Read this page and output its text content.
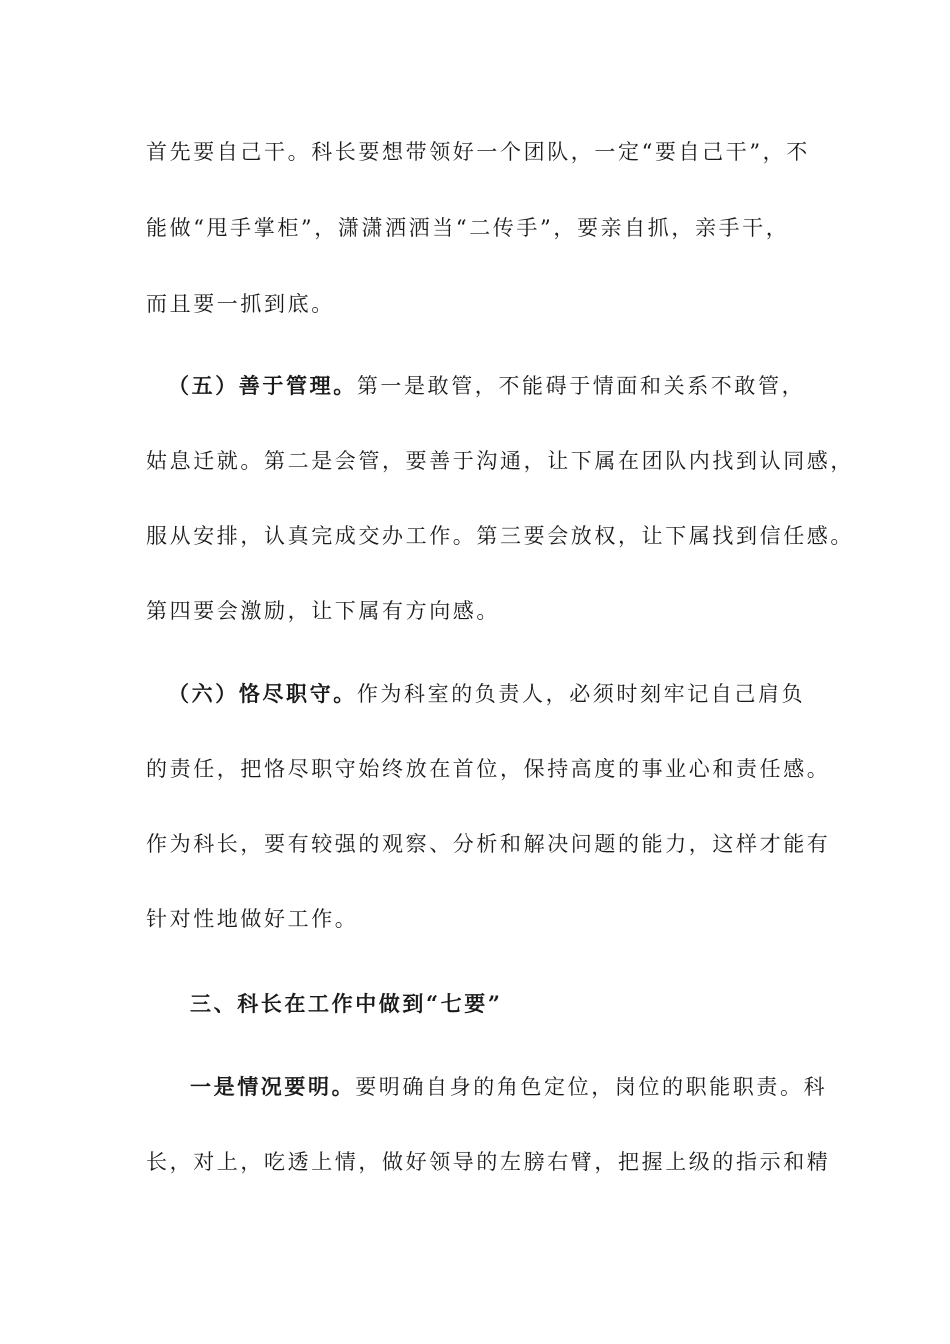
首先要自己干。科长要想带领好一个团队，一定“要自己干”，不
能做“甩手掌柜”，潇潇洒洒当“二传手”，要亲自抓，亲手干，
而且要一抓到底。
（五）善于管理。第一是敢管，不能碍于情面和关系不敢管，
姑息迁就。第二是会管，要善于沟通，让下属在团队内找到认同感，
服从安排，认真完成交办工作。第三要会放权，让下属找到信任感。
第四要会激励，让下属有方向感。
（六）恪尽职守。作为科室的负责人，必须时刻牢记自己肩负
的责任，把恪尽职守始终放在首位，保持高度的事业心和责任感。
作为科长，要有较强的观察、分析和解决问题的能力，这样才能有
针对性地做好工作。
三、科长在工作中做到“七要”
一是情况要明。要明确自身的角色定位，岗位的职能职责。科
长，对上，吃透上情，做好领导的左膀右臂，把握上级的指示和精
